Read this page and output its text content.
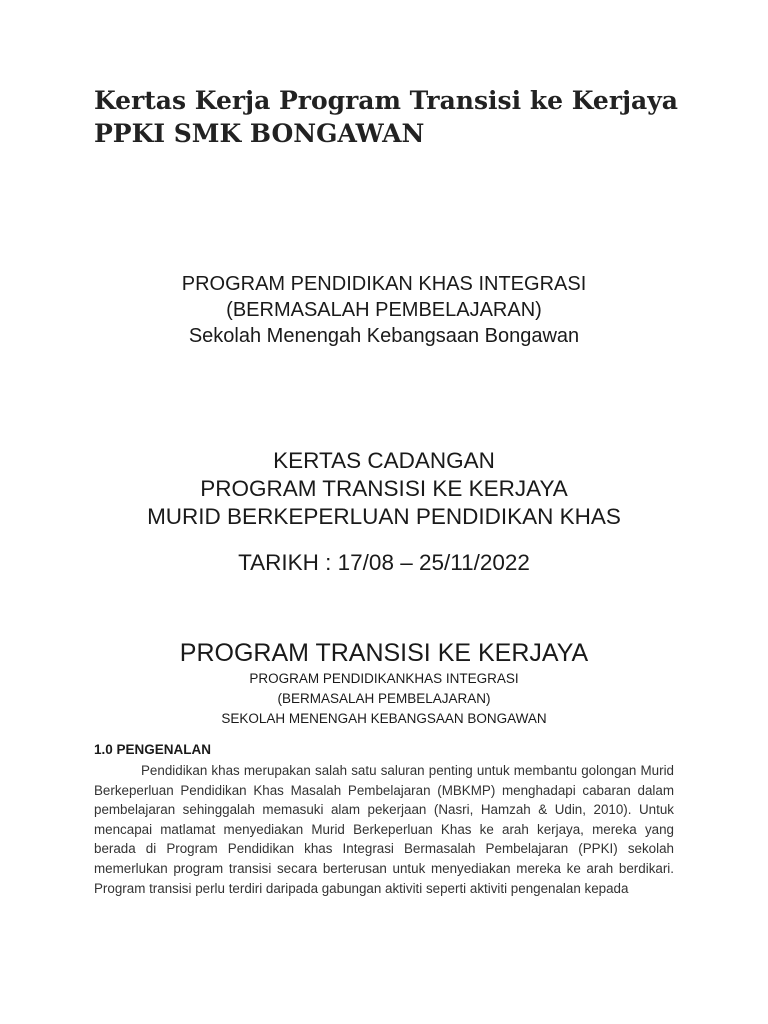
Kertas Kerja Program Transisi ke Kerjaya PPKI SMK BONGAWAN
PROGRAM PENDIDIKAN KHAS INTEGRASI
(BERMASALAH PEMBELAJARAN)
Sekolah Menengah Kebangsaan Bongawan
KERTAS CADANGAN
PROGRAM TRANSISI KE KERJAYA
MURID BERKEPERLUAN PENDIDIKAN KHAS
TARIKH : 17/08 – 25/11/2022
PROGRAM TRANSISI KE KERJAYA
PROGRAM PENDIDIKANKHAS INTEGRASI
(BERMASALAH PEMBELAJARAN)
SEKOLAH MENENGAH KEBANGSAAN BONGAWAN
1.0 PENGENALAN

Pendidikan khas merupakan salah satu saluran penting untuk membantu golongan Murid Berkeperluan Pendidikan Khas Masalah Pembelajaran (MBKMP) menghadapi cabaran dalam pembelajaran sehinggalah memasuki alam pekerjaan (Nasri, Hamzah & Udin, 2010). Untuk mencapai matlamat menyediakan Murid Berkeperluan Khas ke arah kerjaya, mereka yang berada di Program Pendidikan khas Integrasi Bermasalah Pembelajaran (PPKI) sekolah memerlukan program transisi secara berterusan untuk menyediakan mereka ke arah berdikari. Program transisi perlu terdiri daripada gabungan aktiviti seperti aktiviti pengenalan kepada
